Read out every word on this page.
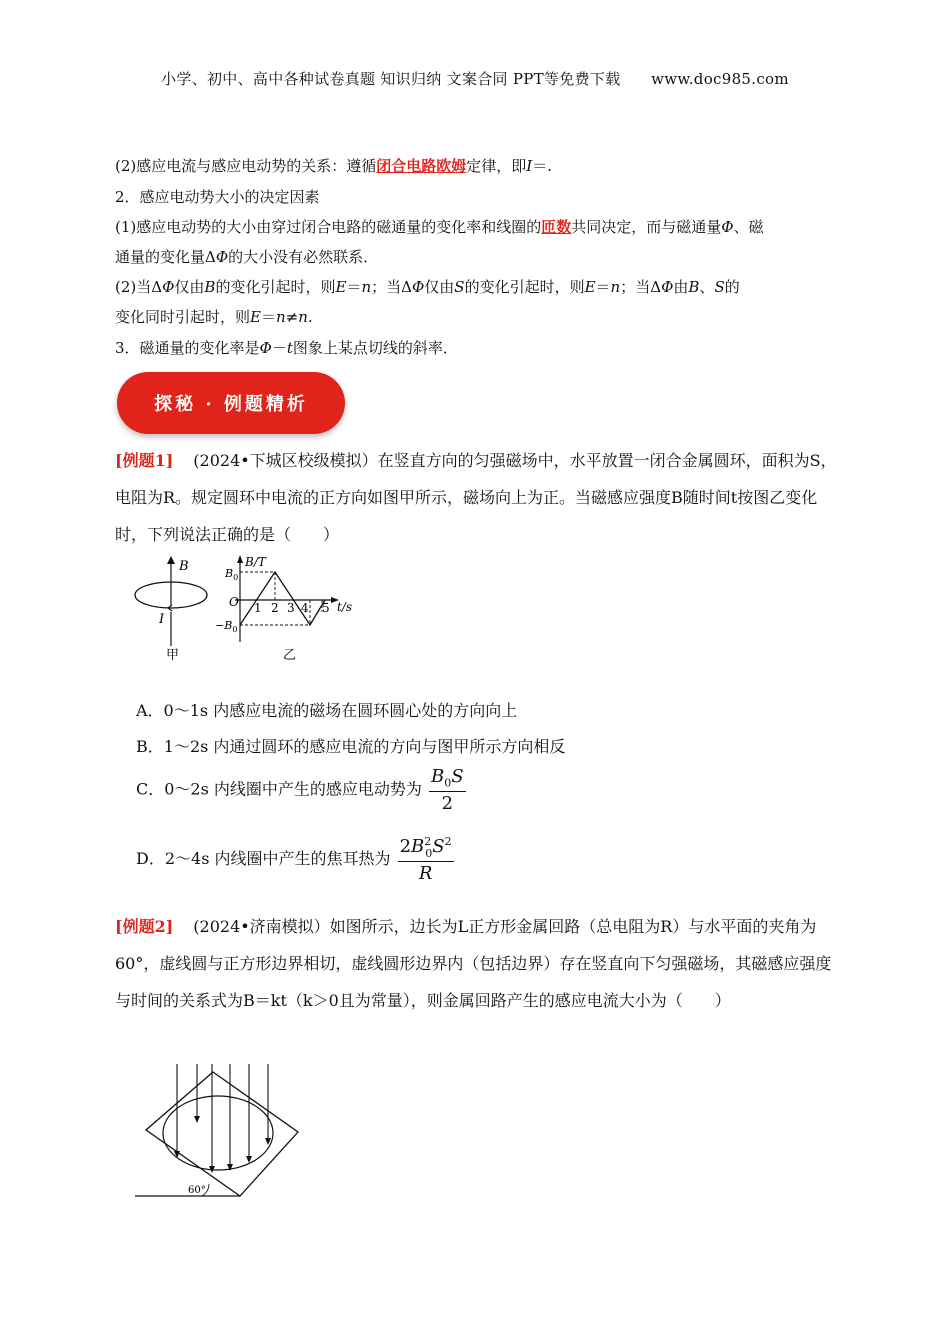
小学、初中、高中各种试卷真题 知识归纳 文案合同 PPT等免费下载　　www.doc985.com
(2)感应电流与感应电动势的关系：遵循闭合电路欧姆定律，即I＝.
2．感应电动势大小的决定因素
(1)感应电动势的大小由穿过闭合电路的磁通量的变化率和线圈的匝数共同决定，而与磁通量Φ、磁
通量的变化量ΔΦ的大小没有必然联系．
(2)当ΔΦ仅由B的变化引起时，则E＝n；当ΔΦ仅由S的变化引起时，则E＝n；当ΔΦ由B、S的
变化同时引起时，则E＝n≠n.
3．磁通量的变化率是Φ－t图象上某点切线的斜率．
探秘 · 例题精析
[例题1] (2024•下城区校级模拟）在竖直方向的匀强磁场中，水平放置一闭合金属圆环，面积为S，电阻为R。规定圆环中电流的正方向如图甲所示，磁场向上为正。当磁感应强度B随时间t按图乙变化时，下列说法正确的是（　　）
B
I
甲
B/T
t/s
O
$B_0$
$-B_0$
1 2 3 4 5
乙
A．0～1s 内感应电流的磁场在圆环圆心处的方向向上
B．1～2s 内通过圆环的感应电流的方向与图甲所示方向相反
C．0～2s 内线圈中产生的感应电动势为 $\frac{B_0S}{2}$
D．2～4s 内线圈中产生的焦耳热为 $\frac{2B^2_0S^2}{R}$
[例题2] (2024•济南模拟）如图所示，边长为L正方形金属回路（总电阻为R）与水平面的夹角为60°，虚线圆与正方形边界相切，虚线圆形边界内（包括边界）存在竖直向下匀强磁场，其磁感应强度与时间的关系式为B＝kt（k＞0且为常量），则金属回路产生的感应电流大小为（　　）
60°
